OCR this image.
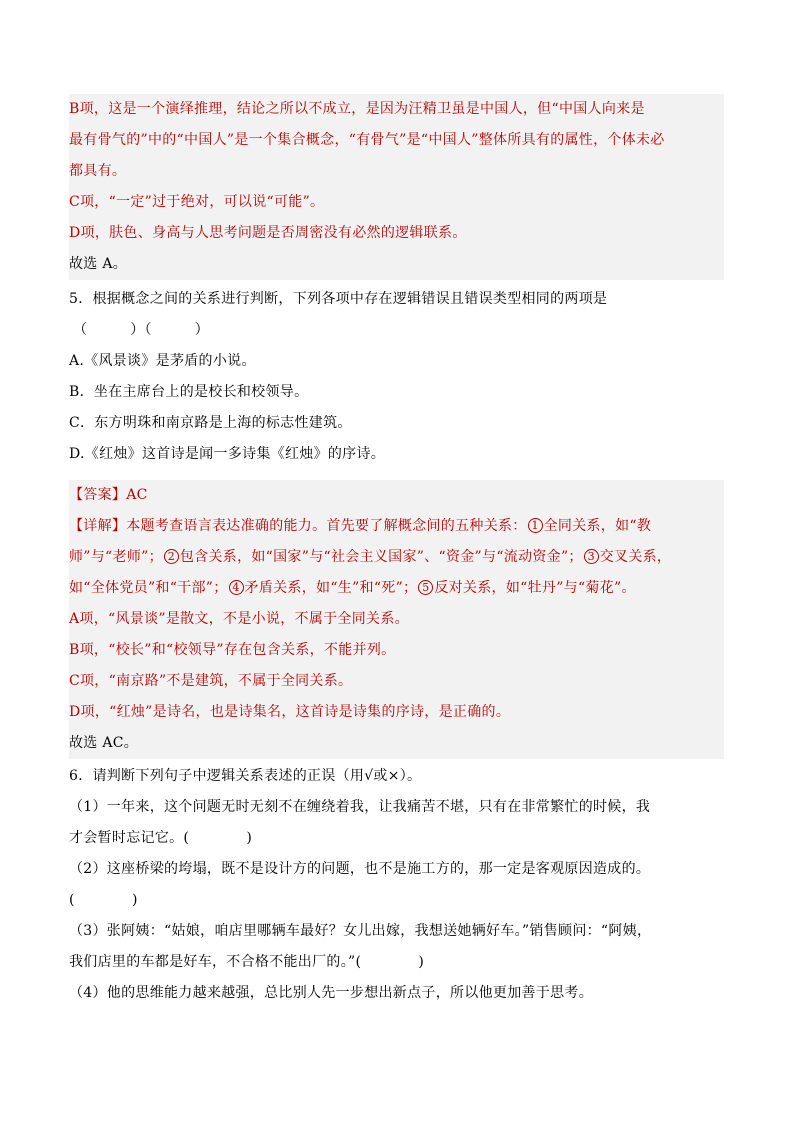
B项，这是一个演绎推理，结论之所以不成立，是因为汪精卫虽是中国人，但“中国人向来是
最有骨气的”中的“中国人”是一个集合概念，“有骨气”是“中国人”整体所具有的属性，个体未必
都具有。
C项，“一定”过于绝对，可以说“可能”。
D项，肤色、身高与人思考问题是否周密没有必然的逻辑联系。
故选 A。
5．根据概念之间的关系进行判断，下列各项中存在逻辑错误且错误类型相同的两项是
（　　　）（　　　）
A.《风景谈》是茅盾的小说。
B．坐在主席台上的是校长和校领导。
C．东方明珠和南京路是上海的标志性建筑。
D.《红烛》这首诗是闻一多诗集《红烛》的序诗。
【答案】AC
【详解】本题考查语言表达准确的能力。首先要了解概念间的五种关系： 1 全同关系，如“教
师”与“老师”； 2 包含关系，如“国家”与“社会主义国家”、“资金”与“流动资金”； 3 交叉关系，
如“全体党员”和“干部”； 4 矛盾关系，如“生”和“死”； 5 反对关系，如“牡丹”与“菊花”。
A项，“风景谈”是散文，不是小说，不属于全同关系。
B项，“校长”和“校领导”存在包含关系，不能并列。
C项，“南京路”不是建筑，不属于全同关系。
D项，“红烛”是诗名，也是诗集名，这首诗是诗集的序诗，是正确的。
故选 AC。
6．请判断下列句子中逻辑关系表述的正误（用√或×）。
（1）一年来，这个问题无时无刻不在缠绕着我，让我痛苦不堪，只有在非常繁忙的时候，我
才会暂时忘记它。(　　　　)
（2）这座桥梁的垮塌，既不是设计方的问题，也不是施工方的，那一定是客观原因造成的。
(　　　　)
（3）张阿姨：“姑娘，咱店里哪辆车最好？女儿出嫁，我想送她辆好车。”销售顾问：“阿姨，
我们店里的车都是好车，不合格不能出厂的。”(　　　　)
（4）他的思维能力越来越强，总比别人先一步想出新点子，所以他更加善于思考。
